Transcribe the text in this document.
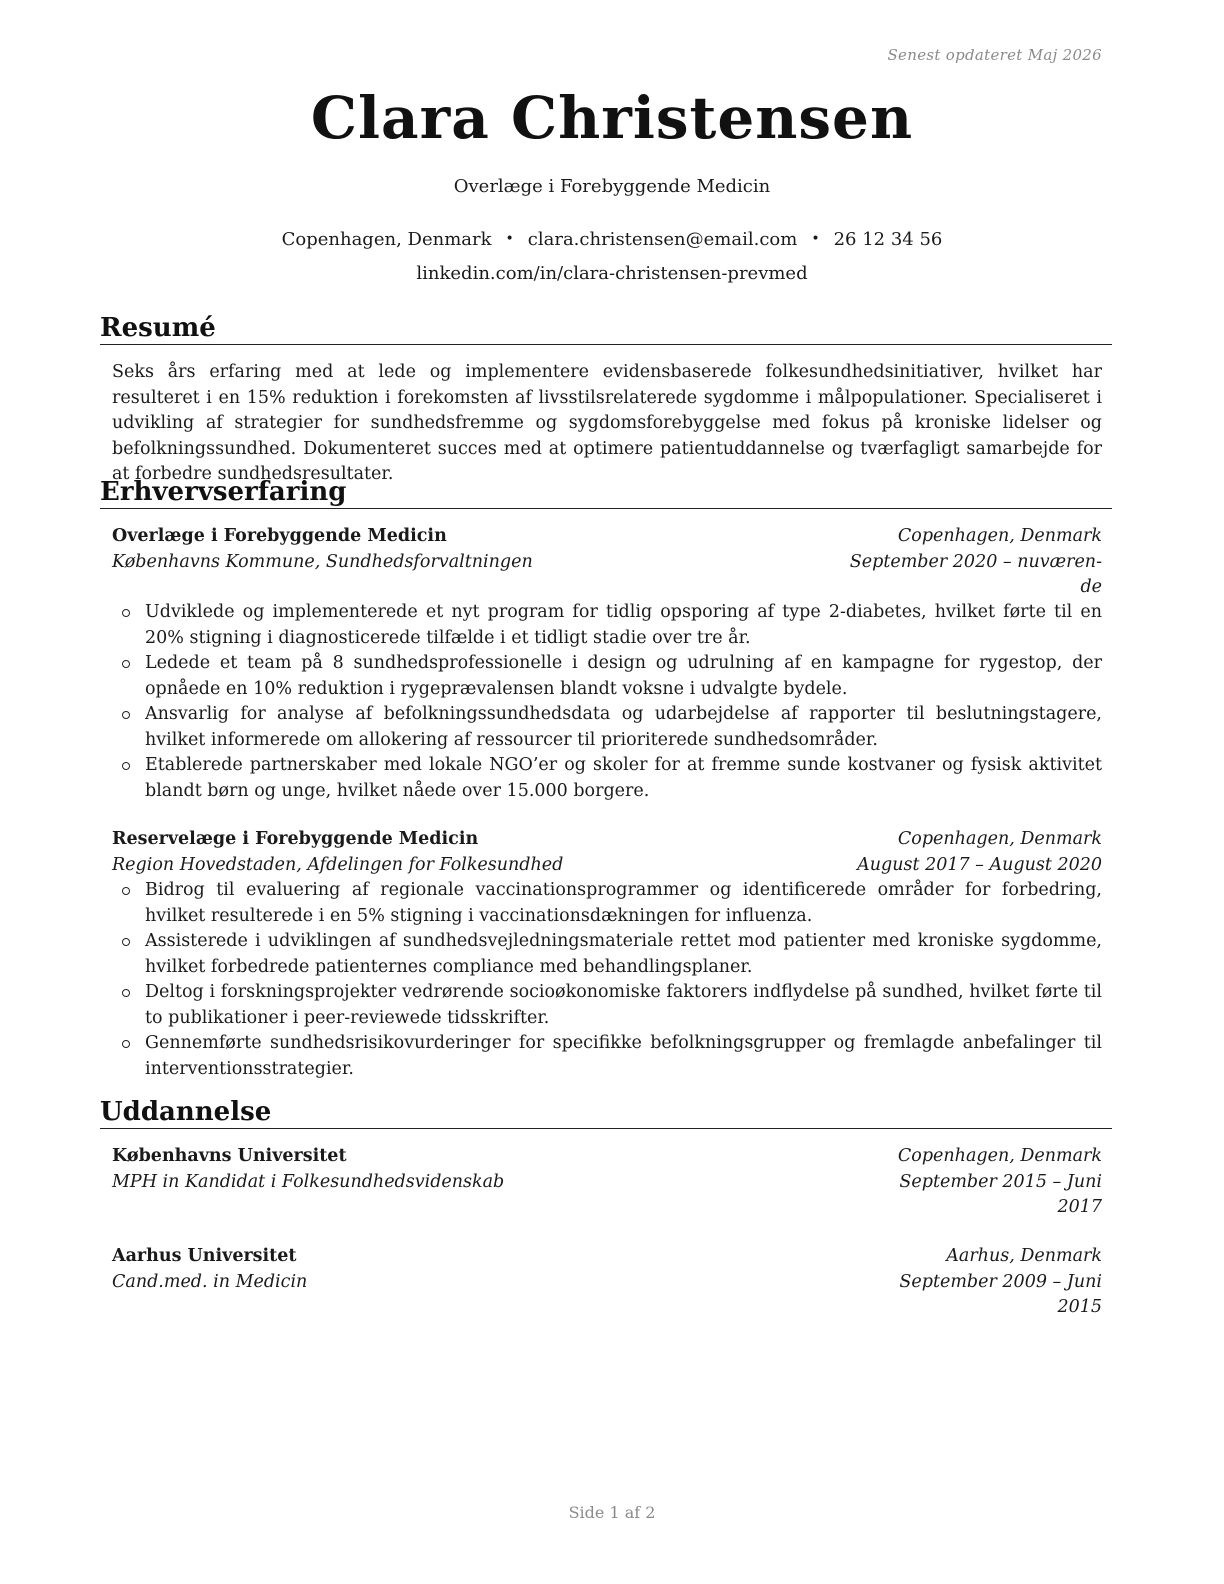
Senest opdateret Maj 2026
Clara Christensen
Overlæge i Forebyggende Medicin
Copenhagen, Denmark • clara.christensen@email.com • 26 12 34 56
linkedin.com/in/clara-christensen-prevmed
Resumé
Seks års erfaring med at lede og implementere evidensbaserede folkesundhedsinitiativer, hvilket har resulteret i en 15% reduktion i forekomsten af livsstilsrelaterede sygdomme i målpopulationer. Specialiseret i udvikling af strategier for sundhedsfremme og sygdomsforebyggelse med fokus på kroniske lidelser og befolkningssundhed. Dokumenteret succes med at optimere patientuddannelse og tværfagligt samarbejde for at forbedre sundhedsresultater.
Erhvervserfaring
Overlæge i Forebyggende Medicin
Københavns Kommune, Sundhedsforvaltningen
Copenhagen, Denmark
September 2020 – nuværen-
de
Udviklede og implementerede et nyt program for tidlig opsporing af type 2-diabetes, hvilket førte til en 20% stigning i diagnosticerede tilfælde i et tidligt stadie over tre år.
Ledede et team på 8 sundhedsprofessionelle i design og udrulning af en kampagne for rygestop, der opnåede en 10% reduktion i rygeprævalensen blandt voksne i udvalgte bydele.
Ansvarlig for analyse af befolkningssundhedsdata og udarbejdelse af rapporter til beslutningstagere, hvilket informerede om allokering af ressourcer til prioriterede sundhedsområder.
Etablerede partnerskaber med lokale NGO’er og skoler for at fremme sunde kostvaner og fysisk aktivitet blandt børn og unge, hvilket nåede over 15.000 borgere.
Reservelæge i Forebyggende Medicin
Region Hovedstaden, Afdelingen for Folkesundhed
Copenhagen, Denmark
August 2017 – August 2020
Bidrog til evaluering af regionale vaccinationsprogrammer og identificerede områder for forbedring, hvilket resulterede i en 5% stigning i vaccinationsdækningen for influenza.
Assisterede i udviklingen af sundhedsvejledningsmateriale rettet mod patienter med kroniske sygdomme, hvilket forbedrede patienternes compliance med behandlingsplaner.
Deltog i forskningsprojekter vedrørende socioøkonomiske faktorers indflydelse på sundhed, hvilket førte til to publikationer i peer-reviewede tidsskrifter.
Gennemførte sundhedsrisikovurderinger for specifikke befolkningsgrupper og fremlagde anbefalinger til interventionsstrategier.
Uddannelse
Københavns Universitet
MPH in Kandidat i Folkesundhedsvidenskab
Copenhagen, Denmark
September 2015 – Juni
2017
Aarhus Universitet
Cand.med. in Medicin
Aarhus, Denmark
September 2009 – Juni
2015
Side 1 af 2
